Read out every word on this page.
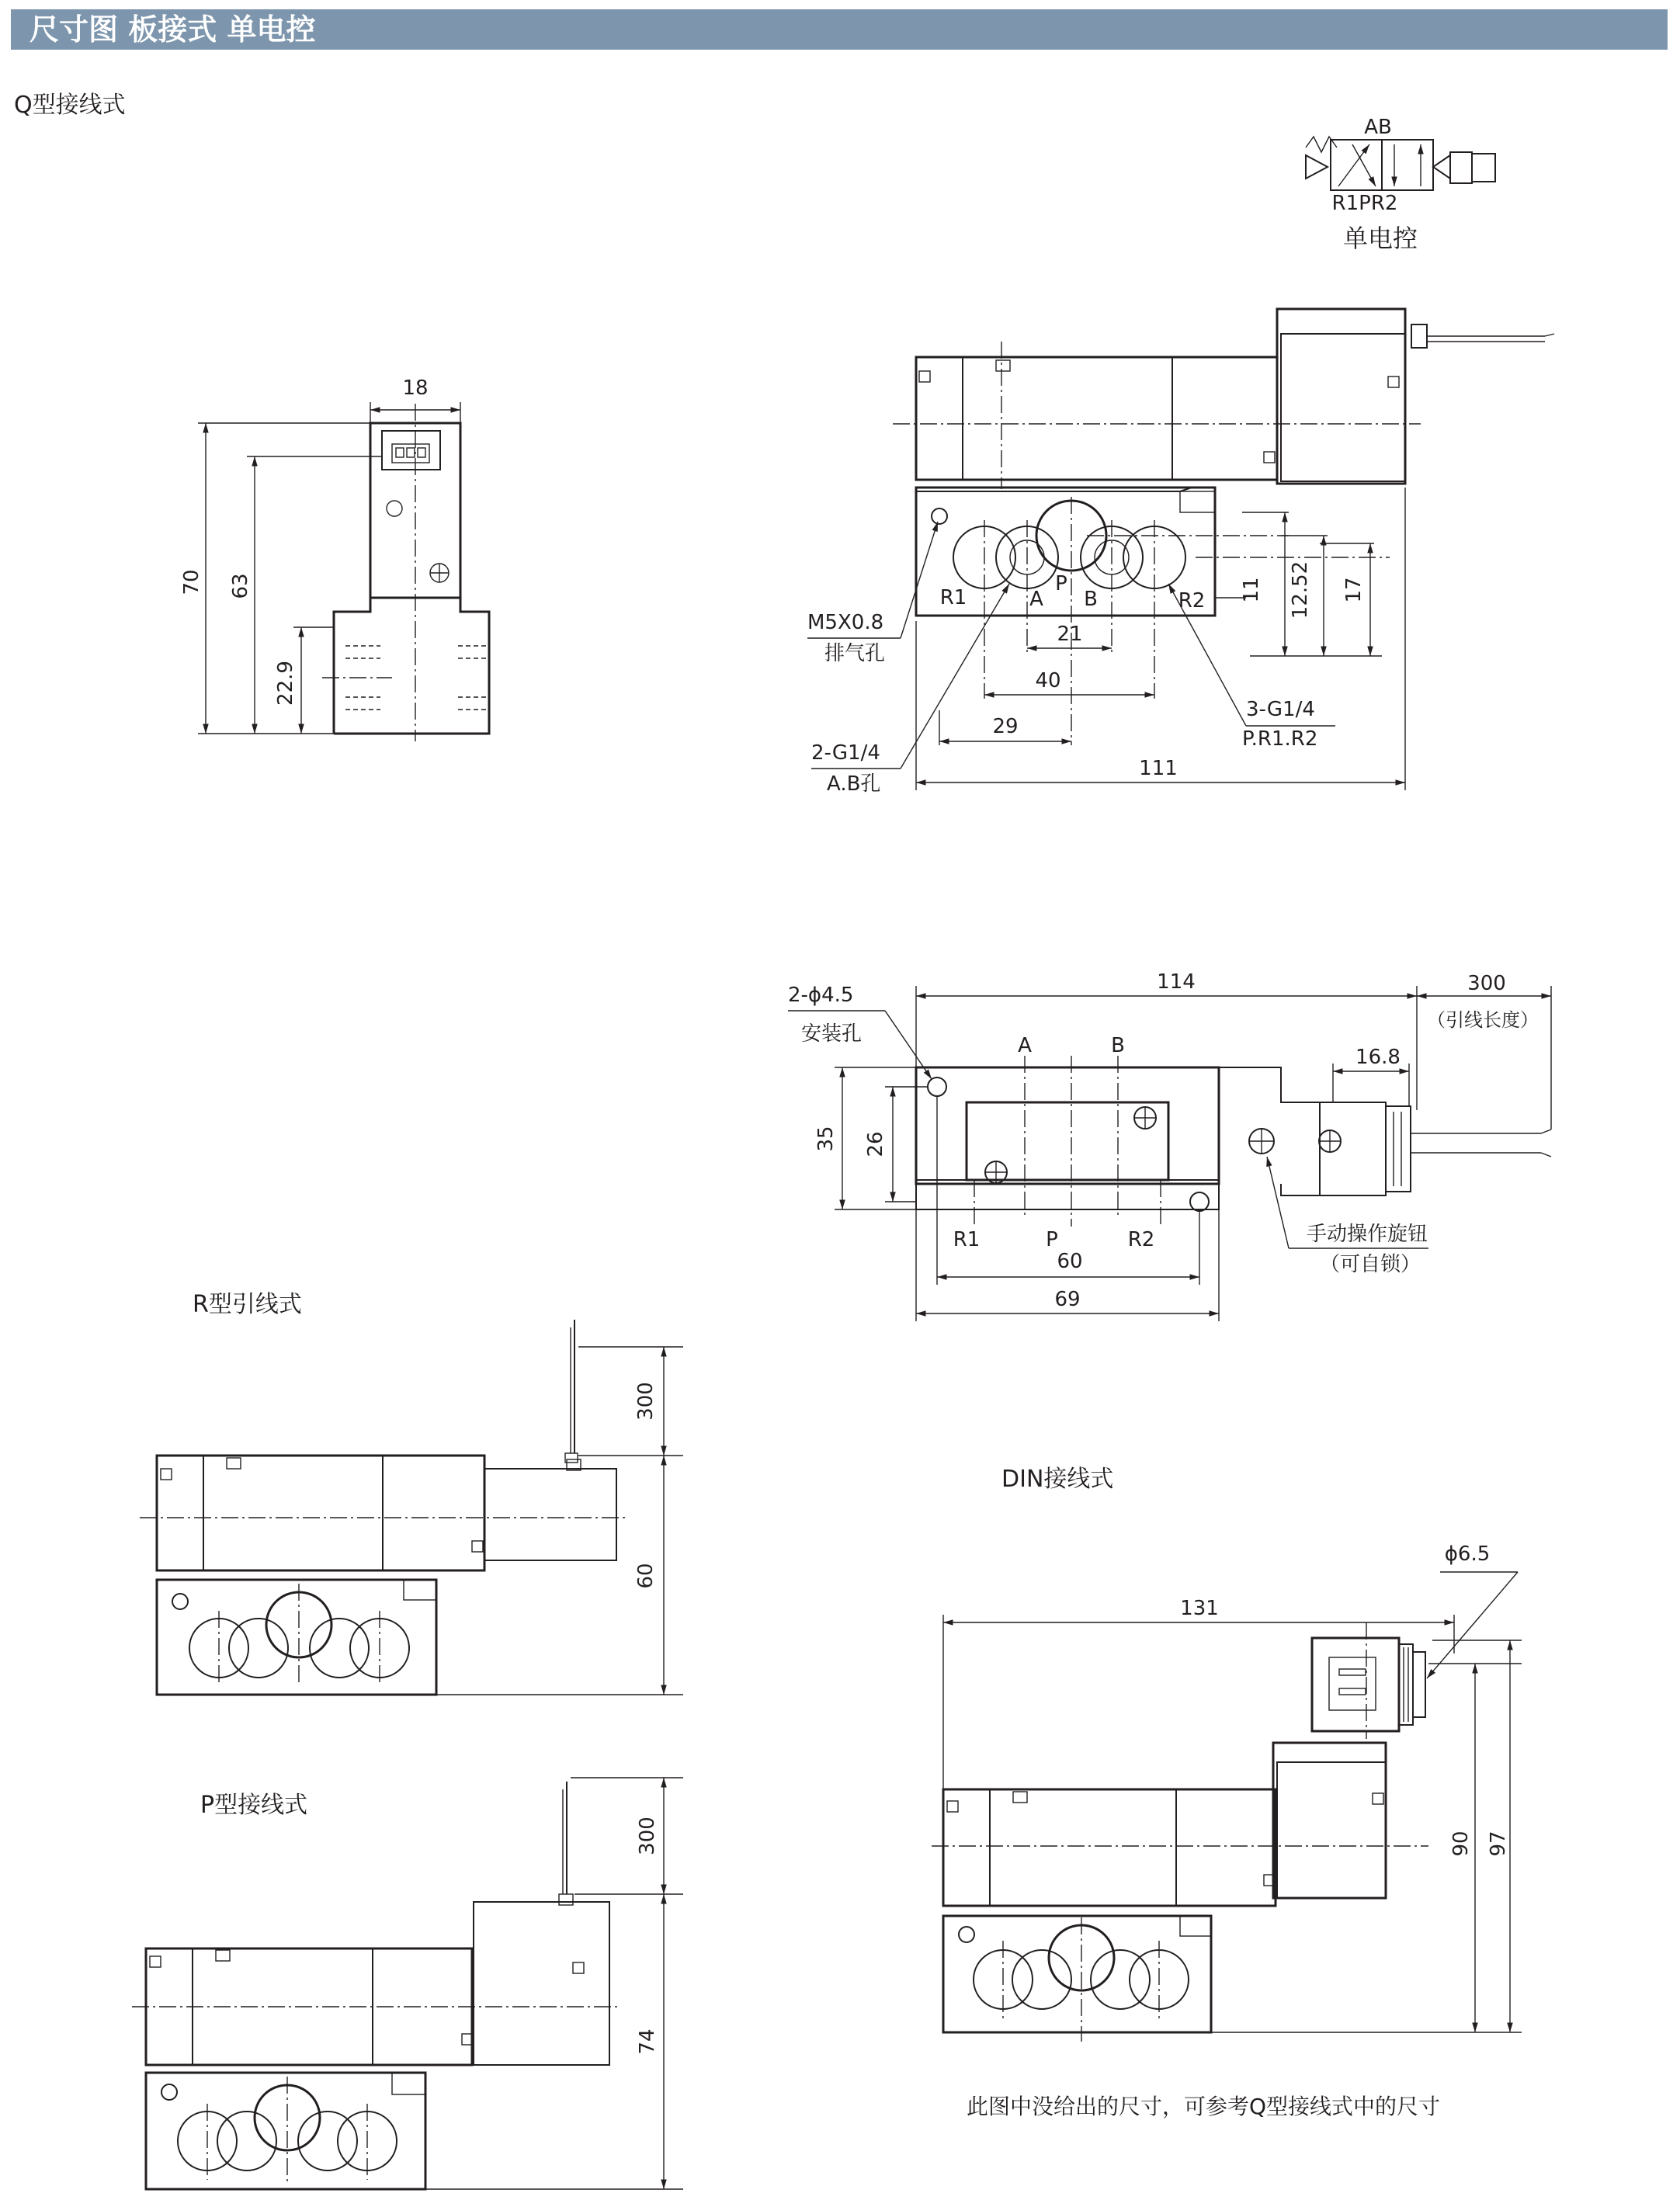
尺寸图 板接式 单电控
Q型接线式
R型引线式
P型接线式
DIN接线式
此图中没给出的尺寸，可参考Q型接线式中的尺寸
AB
R1PR2
单电控
18
70 63
22.9
R1	A
P
B	R2
21
40
29
111
11 12.52 17
M5X0.8
排气孔
2-G1/4
A.B孔
3-G1/4
P.R1.R2
A	B
R1	P	R2
114	300
（引线长度）
16.8
35 26
60
69
2-ϕ4.5
安装孔
手动操作旋钮
（可自锁）
300
60
300
74
131
ϕ6.5
90 97
